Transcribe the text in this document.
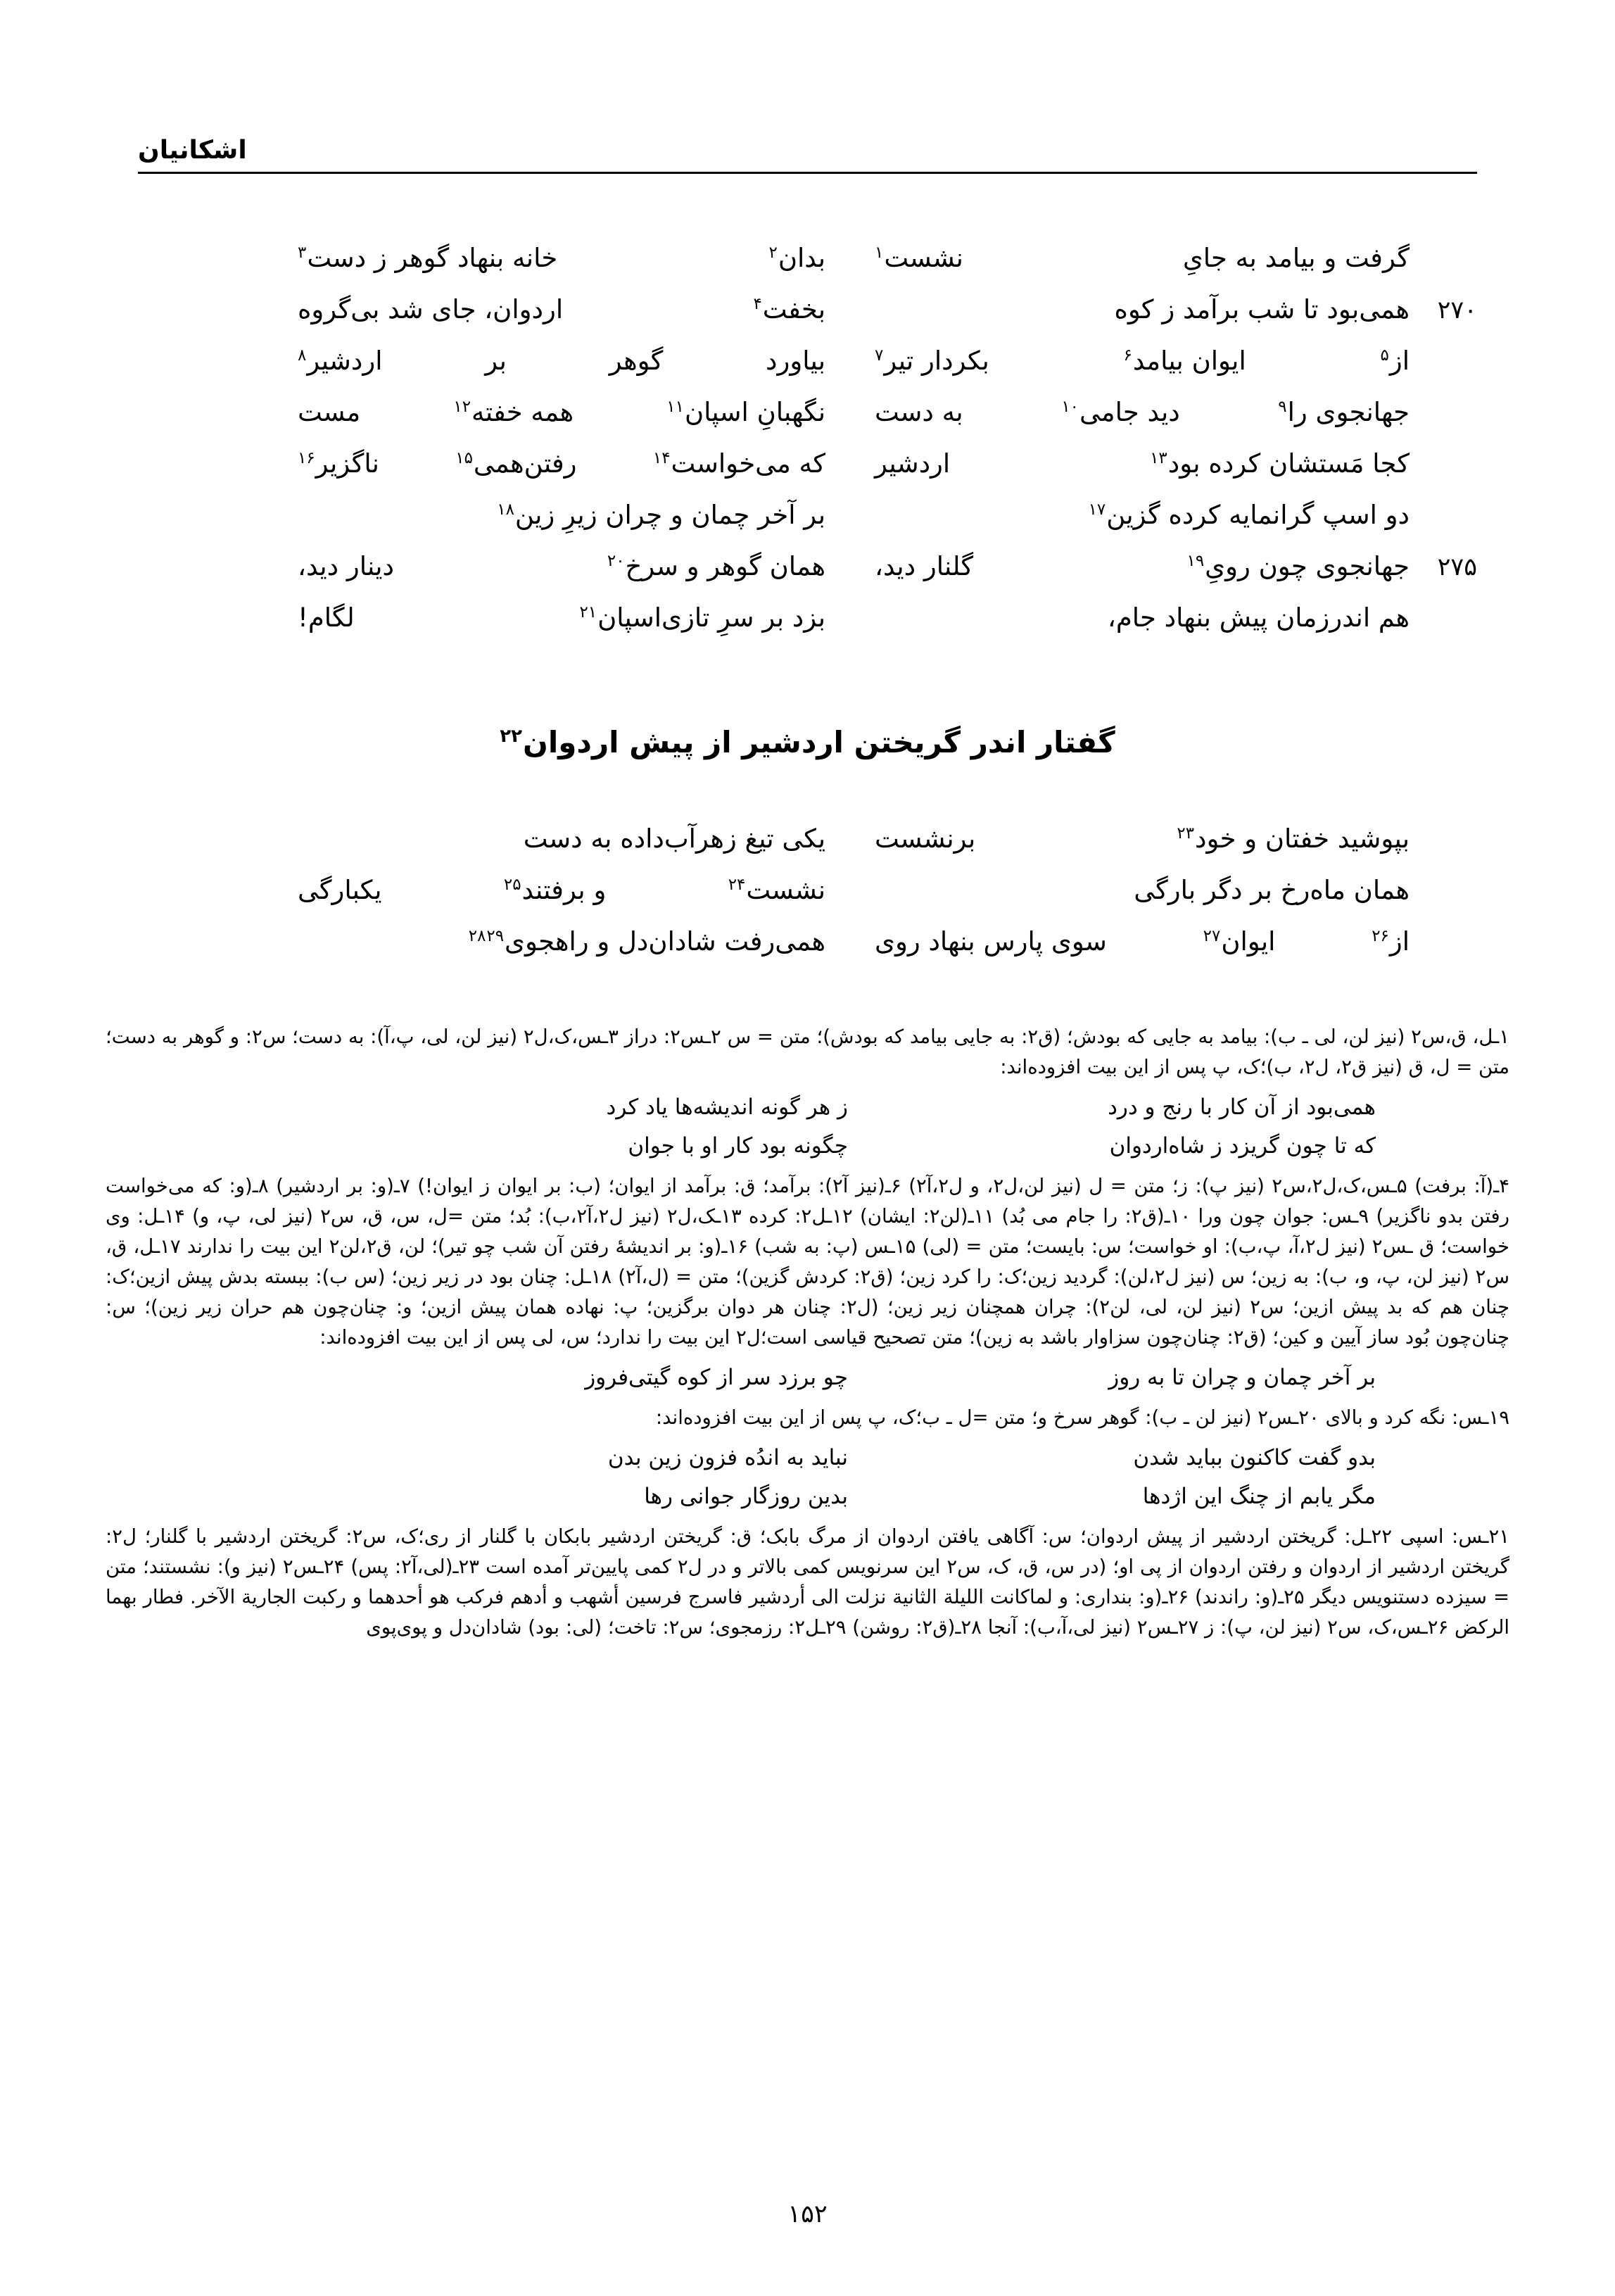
اشکانیان
گرفت و بیامد به جایِ
نشست$^۱$
بدان$^۲$
خانه بنهاد گوهر ز دست$^۳$
۲۷۰
همی‌بود تا شب برآمد ز کوه
بخفت$^۴$
اردوان، جای شد بی‌گروه
از$^۵$
ایوان بیامد$^۶$
بکردار تیر$^۷$
بیاورد
گوهر
بر
اردشیر$^۸$
جهانجوی را$^۹$
دید جامی$^{۱۰}$
به دست
نگهبانِ اسپان$^{۱۱}$
همه خفته$^{۱۲}$
مست
کجا مَستشان کرده بود$^{۱۳}$
اردشیر
که می‌خواست$^{۱۴}$
رفتن‌همی$^{۱۵}$
ناگزیر$^{۱۶}$
دو اسپ گرانمایه کرده گزین$^{۱۷}$
بر آخر چمان و چران زیرِ زین$^{۱۸}$
۲۷۵
جهانجوی چون رویِ$^{۱۹}$
گلنار دید،
همان گوهر و سرخ$^{۲۰}$
دینار دید،
هم اندرزمان پیش بنهاد جام،
بزد بر سرِ تازی‌اسپان$^{۲۱}$
لگام!
گفتار اندر گریختن اردشیر از پیش اردوان$^{۲۲}$
بپوشید خفتان و خود$^{۲۳}$
برنشست
یکی تیغ زهرآب‌داده به دست
همان ماه‌رخ بر دگر بارگی
نشست$^{۲۴}$
و برفتند$^{۲۵}$
یکبارگی
از$^{۲۶}$
ایوان$^{۲۷}$
سوی پارس بنهاد روی
همی‌رفت شادان‌دل و راهجوی$^{۲۸۲۹}$

۱ـل، ق،س۲ (نیز لن، لی ـ ب): بیامد به جایی که بودش؛ (ق۲: به جایی بیامد که بودش)؛ متن = س ۲ـس۲: دراز ۳ـس،ک،ل۲ (نیز لن، لی، پ،آ): به دست؛ س۲: و گوهر به دست؛ متن = ل، ق (نیز ق۲، ل۲، ب)؛ک، پ پس از این بیت افزوده‌اند:

همی‌بود از آن کار با رنج و درد
ز هر گونه اندیشه‌ها یاد کرد
که تا چون گریزد ز شاه‌اردوان
چگونه بود کار او با جوان

۴ـ(آ: برفت) ۵ـس،ک،ل۲،س۲ (نیز پ): ز؛ متن = ل (نیز لن،ل۲، و ل۲،آ۲) ۶ـ(نیز آ۲): برآمد؛ ق: برآمد از ایوان؛ (ب: بر ایوان ز ایوان!) ۷ـ(و: بر اردشیر) ۸ـ(و: که می‌خواست رفتن بدو ناگزیر) ۹ـس: جوان چون ورا ۱۰ـ(ق۲: را جام می بُد) ۱۱ـ(لن۲: ایشان) ۱۲ـل۲: کرده ۱۳ـک،ل۲ (نیز ل۲،آ۲،ب): بُد؛ متن =ل، س، ق، س۲ (نیز لی، پ، و) ۱۴ـل: وی خواست؛ ق ـس۲ (نیز ل۲،آ، پ،ب): او خواست؛ س: بایست؛ متن = (لی) ۱۵ـس (پ: به شب) ۱۶ـ(و: بر اندیشهٔ رفتن آن شب چو تیر)؛ لن، ق۲،لن۲ این بیت را ندارند ۱۷ـل، ق، س۲ (نیز لن، پ، و، ب): به زین؛ س (نیز ل۲،لن): گردید زین؛ک: را کرد زین؛ (ق۲: کردش گزین)؛ متن = (ل،آ۲) ۱۸ـل: چنان بود در زیر زین؛ (س ب): ببسته بدش پیش ازین؛ک: چنان هم که بد پیش ازین؛ س۲ (نیز لن، لی، لن۲): چران همچنان زیر زین؛ (ل۲: چنان هر دوان برگزین؛ پ: نهاده همان پیش ازین؛ و: چنان‌چون هم حران زیر زین)؛ س: چنان‌چون بُود ساز آیین و کین؛ (ق۲: چنان‌چون سزاوار باشد به زین)؛ متن تصحیح قیاسی است؛ل۲ این بیت را ندارد؛ س، لی پس از این بیت افزوده‌اند:

بر آخر چمان و چران تا به روز
چو برزد سر از کوه گیتی‌فروز

۱۹ـس: نگه کرد و بالای ۲۰ـس۲ (نیز لن ـ ب): گوهر سرخ و؛ متن =ل ـ ب؛ک، پ پس از این بیت افزوده‌اند:

بدو گفت کاکنون بباید شدن
نباید به اندُه فزون زین بدن
مگر یابم از چنگ این اژدها
بدین روزگار جوانی رها

۲۱ـس: اسپی ۲۲ـل: گریختن اردشیر از پیش اردوان؛ س: آگاهی یافتن اردوان از مرگ بابک؛ ق: گریختن اردشیر بابکان با گلنار از ری؛ک، س۲: گریختن اردشیر با گلنار؛ ل۲: گریختن اردشیر از اردوان و رفتن اردوان از پی او؛ (در س، ق، ک، س۲ این سرنویس کمی بالاتر و در ل۲ کمی پایین‌تر آمده است ۲۳ـ(لی،آ۲: پس) ۲۴ـس۲ (نیز و): نشستند؛ متن = سیزده دستنویس دیگر ۲۵ـ(و: راندند) ۲۶ـ(و: بنداری: و لماکانت اللیلة الثانیة نزلت الی أردشیر فاسرج فرسین أشهب و أدهم فرکب هو أحدهما و رکبت الجاریة الآخر. فطار بهما الرکض ۲۶ـس،ک، س۲ (نیز لن، پ): ز ۲۷ـس۲ (نیز لی،آ،ب): آنجا ۲۸ـ(ق۲: روشن) ۲۹ـل۲: رزمجوی؛ س۲: تاخت؛ (لی: بود) شادان‌دل و پوی‌پوی

۱۵۲
